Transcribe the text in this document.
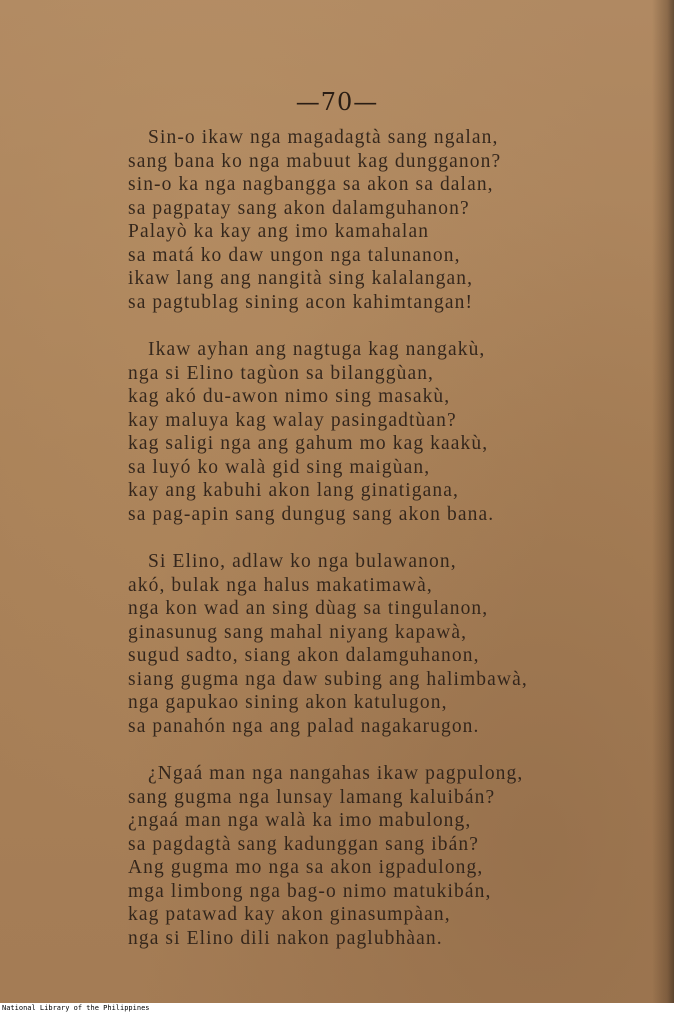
—70—
Sin-o ikaw nga magadagtà sang ngalan,
sang bana ko nga mabuut kag dungganon?
sin-o ka nga nagbangga sa akon sa dalan,
sa pagpatay sang akon dalamguhanon?
Palayò ka kay ang imo kamahalan
sa matá ko daw ungon nga talunanon,
ikaw lang ang nangità sing kalalangan,
sa pagtublag sining acon kahimtangan!
Ikaw ayhan ang nagtuga kag nangakù,
nga si Elino tagùon sa bilanggùan,
kag akó du-awon nimo sing masakù,
kay maluya kag walay pasingadtùan?
kag saligi nga ang gahum mo kag kaakù,
sa luyó ko walà gid sing maigùan,
kay ang kabuhi akon lang ginatigana,
sa pag-apin sang dungug sang akon bana.
Si Elino, adlaw ko nga bulawanon,
akó, bulak nga halus makatimawà,
nga kon wad an sing dùag sa tingulanon,
ginasunug sang mahal niyang kapawà,
sugud sadto, siang akon dalamguhanon,
siang gugma nga daw subing ang halimbawà,
nga gapukao sining akon katulugon,
sa panahón nga ang palad nagakarugon.
¿Ngaá man nga nangahas ikaw pagpulong,
sang gugma nga lunsay lamang kaluibán?
¿ngaá man nga walà ka imo mabulong,
sa pagdagtà sang kadunggan sang ibán?
Ang gugma mo nga sa akon igpadulong,
mga limbong nga bag-o nimo matukibán,
kag patawad kay akon ginasumpàan,
nga si Elino dili nakon paglubhàan.
National Library of the Philippines
